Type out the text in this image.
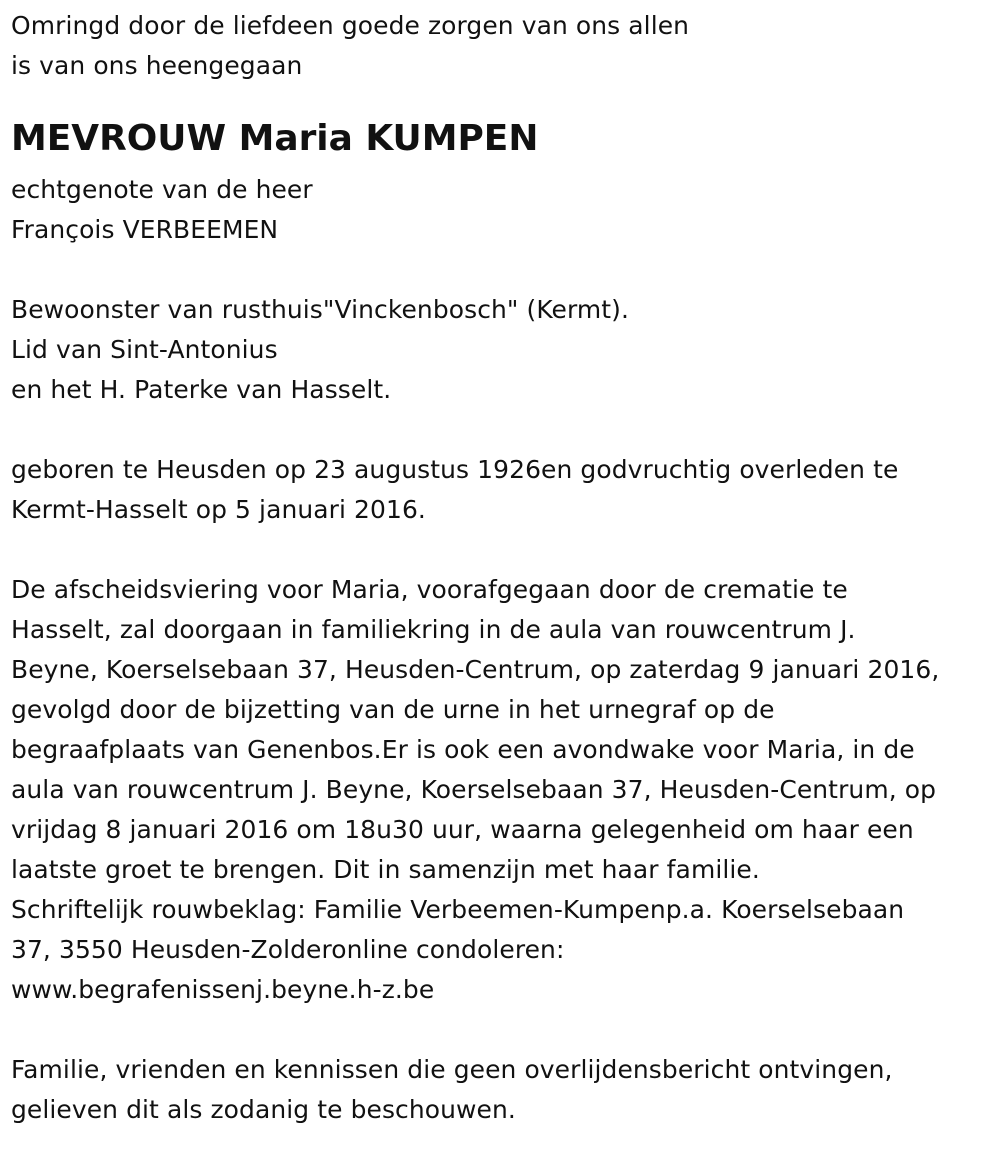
Omringd door de liefdeen goede zorgen van ons allen
is van ons heengegaan
MEVROUW Maria KUMPEN
echtgenote van de heer
François VERBEEMEN
Bewoonster van rusthuis"Vinckenbosch" (Kermt).
Lid van Sint-Antonius
en het H. Paterke van Hasselt.
geboren te Heusden op 23 augustus 1926en godvruchtig overleden te
Kermt-Hasselt op 5 januari 2016.
De afscheidsviering voor Maria, voorafgegaan door de crematie te
Hasselt, zal doorgaan in familiekring in de aula van rouwcentrum J.
Beyne, Koerselsebaan 37, Heusden-Centrum, op zaterdag 9 januari 2016,
gevolgd door de bijzetting van de urne in het urnegraf op de
begraafplaats van Genenbos.Er is ook een avondwake voor Maria, in de
aula van rouwcentrum J. Beyne, Koerselsebaan 37, Heusden-Centrum, op
vrijdag 8 januari 2016 om 18u30 uur, waarna gelegenheid om haar een
laatste groet te brengen. Dit in samenzijn met haar familie.
Schriftelijk rouwbeklag: Familie Verbeemen-Kumpenp.a. Koerselsebaan
37, 3550 Heusden-Zolderonline condoleren:
www.begrafenissenj.beyne.h-z.be
Familie, vrienden en kennissen die geen overlijdensbericht ontvingen,
gelieven dit als zodanig te beschouwen.
